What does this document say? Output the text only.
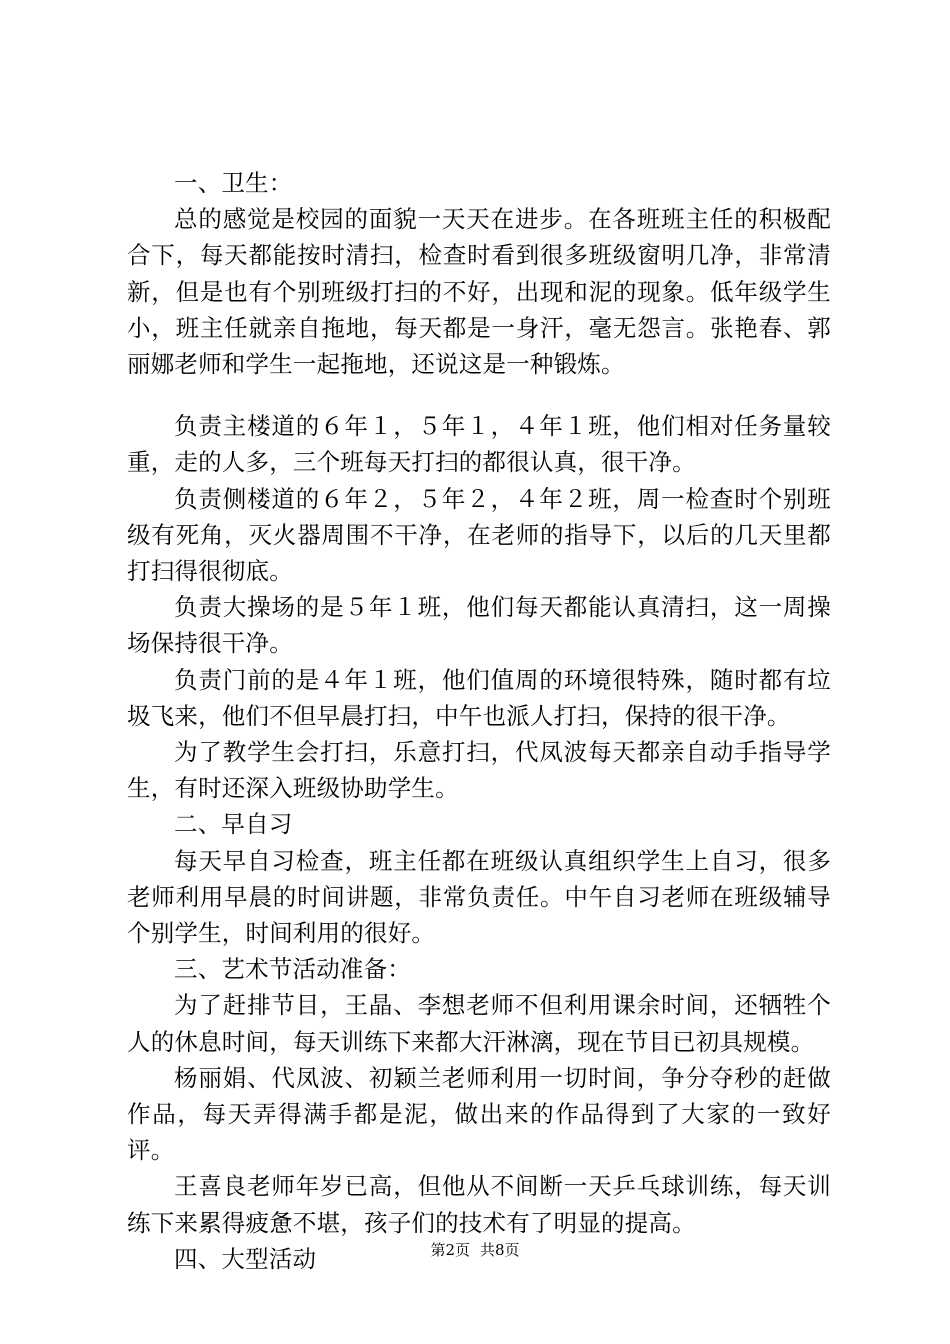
一、卫生：

总的感觉是校园的面貌一天天在进步。在各班班主任的积极配合下，每天都能按时清扫，检查时看到很多班级窗明几净，非常清新，但是也有个别班级打扫的不好，出现和泥的现象。低年级学生小，班主任就亲自拖地，每天都是一身汗，毫无怨言。张艳春、郭丽娜老师和学生一起拖地，还说这是一种锻炼。

负责主楼道的６年１，５年１，４年１班，他们相对任务量较重，走的人多，三个班每天打扫的都很认真，很干净。

负责侧楼道的６年２，５年２，４年２班，周一检查时个别班级有死角，灭火器周围不干净，在老师的指导下，以后的几天里都打扫得很彻底。

负责大操场的是５年１班，他们每天都能认真清扫，这一周操场保持很干净。

负责门前的是４年１班，他们值周的环境很特殊，随时都有垃圾飞来，他们不但早晨打扫，中午也派人打扫，保持的很干净。

为了教学生会打扫，乐意打扫，代凤波每天都亲自动手指导学生，有时还深入班级协助学生。

二、早自习

每天早自习检查，班主任都在班级认真组织学生上自习，很多老师利用早晨的时间讲题，非常负责任。中午自习老师在班级辅导个别学生，时间利用的很好。

三、艺术节活动准备：

为了赶排节目，王晶、李想老师不但利用课余时间，还牺牲个人的休息时间，每天训练下来都大汗淋漓，现在节目已初具规模。

杨丽娟、代凤波、初颖兰老师利用一切时间，争分夺秒的赶做作品，每天弄得满手都是泥，做出来的作品得到了大家的一致好评。

王喜良老师年岁已高，但他从不间断一天乒乓球训练，每天训练下来累得疲惫不堪，孩子们的技术有了明显的提高。

四、大型活动	第2页 共8页
